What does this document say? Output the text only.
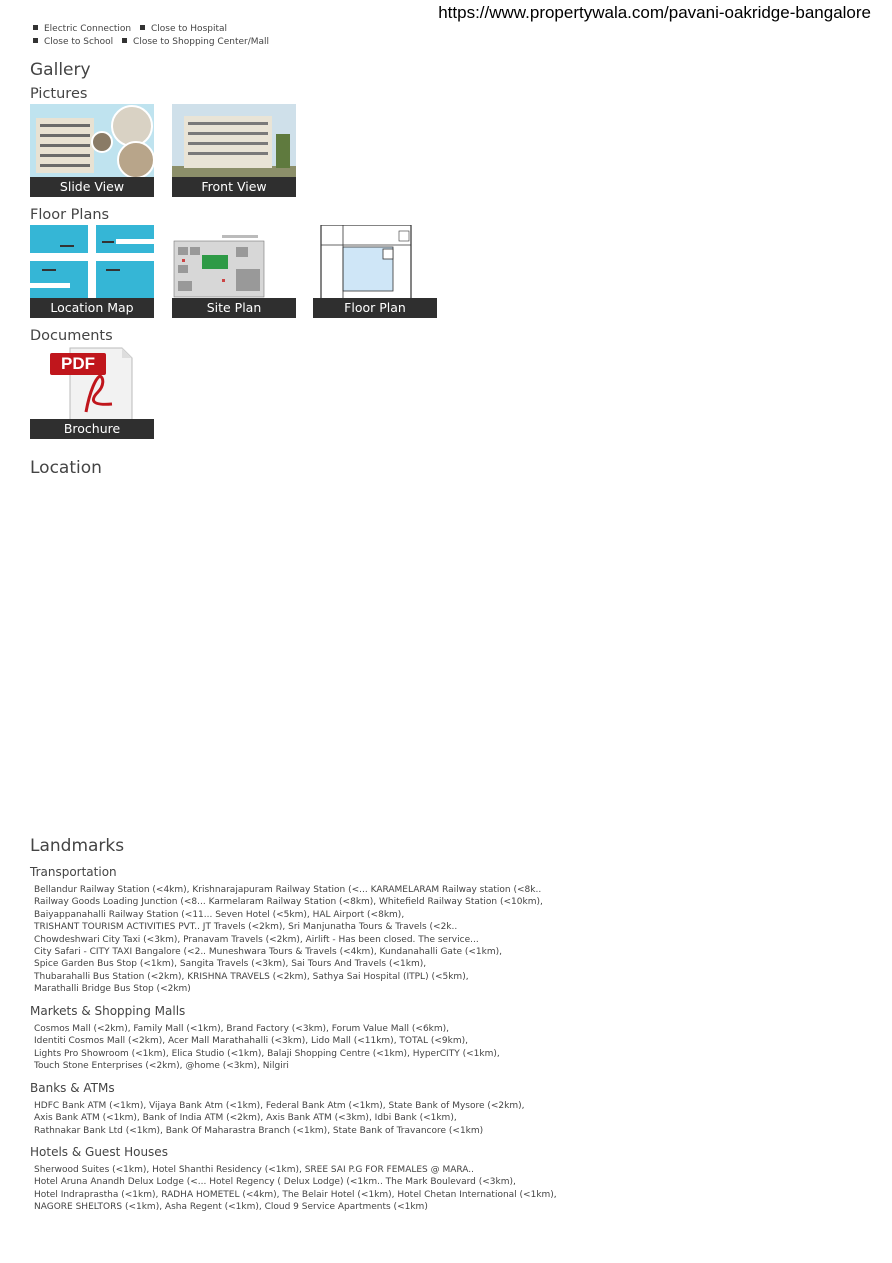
https://www.propertywala.com/pavani-oakridge-bangalore
Electric Connection Close to Hospital
Close to School Close to Shopping Center/Mall
Gallery
Pictures
Slide View	Front View
Floor Plans
Location Map	Site Plan	Floor Plan
Documents
PDF
Brochure
Location
Landmarks
Transportation
Bellandur Railway Station (<4km), Krishnarajapuram Railway Station (<... KARAMELARAM Railway station (<8k..
Railway Goods Loading Junction (<8... Karmelaram Railway Station (<8km), Whitefield Railway Station (<10km),
Baiyappanahalli Railway Station (<11... Seven Hotel (<5km), HAL Airport (<8km),
TRISHANT TOURISM ACTIVITIES PVT.. JT Travels (<2km), Sri Manjunatha Tours & Travels (<2k..
Chowdeshwari City Taxi (<3km), Pranavam Travels (<2km), Airlift - Has been closed. The service...
City Safari - CITY TAXI Bangalore (<2.. Muneshwara Tours & Travels (<4km), Kundanahalli Gate (<1km),
Spice Garden Bus Stop (<1km), Sangita Travels (<3km), Sai Tours And Travels (<1km),
Thubarahalli Bus Station (<2km), KRISHNA TRAVELS (<2km), Sathya Sai Hospital (ITPL) (<5km),
Marathalli Bridge Bus Stop (<2km)
Markets & Shopping Malls
Cosmos Mall (<2km), Family Mall (<1km), Brand Factory (<3km), Forum Value Mall (<6km),
Identiti Cosmos Mall (<2km), Acer Mall Marathahalli (<3km), Lido Mall (<11km), TOTAL (<9km),
Lights Pro Showroom (<1km), Elica Studio (<1km), Balaji Shopping Centre (<1km), HyperCITY (<1km),
Touch Stone Enterprises (<2km), @home (<3km), Nilgiri
Banks & ATMs
HDFC Bank ATM (<1km), Vijaya Bank Atm (<1km), Federal Bank Atm (<1km), State Bank of Mysore (<2km),
Axis Bank ATM (<1km), Bank of India ATM (<2km), Axis Bank ATM (<3km), Idbi Bank (<1km),
Rathnakar Bank Ltd (<1km), Bank Of Maharastra Branch (<1km), State Bank of Travancore (<1km)
Hotels & Guest Houses
Sherwood Suites (<1km), Hotel Shanthi Residency (<1km), SREE SAI P.G FOR FEMALES @ MARA..
Hotel Aruna Anandh Delux Lodge (<... Hotel Regency ( Delux Lodge) (<1km.. The Mark Boulevard (<3km),
Hotel Indraprastha (<1km), RADHA HOMETEL (<4km), The Belair Hotel (<1km), Hotel Chetan International (<1km),
NAGORE SHELTORS (<1km), Asha Regent (<1km), Cloud 9 Service Apartments (<1km)
